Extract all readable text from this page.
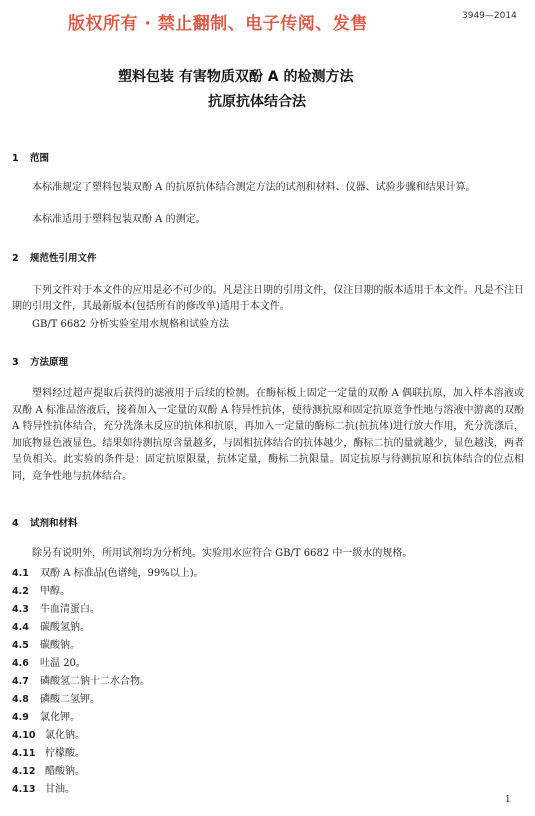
版权所有 · 禁止翻制、电子传阅、发售	3949—2014
塑料包装 有害物质双酚 A 的检测方法
抗原抗体结合法
1 范围
本标准规定了塑料包装双酚 A 的抗原抗体结合测定方法的试剂和材料、仪器、试验步骤和结果计算。
本标准适用于塑料包装双酚 A 的测定。
2 规范性引用文件
下列文件对于本文件的应用是必不可少的。凡是注日期的引用文件，仅注日期的版本适用于本文件。凡是不注日期的引用文件，其最新版本(包括所有的修改单)适用于本文件。
GB/T 6682 分析实验室用水规格和试验方法
3 方法原理
塑料经过超声提取后获得的滤液用于后续的检测。在酶标板上固定一定量的双酚 A 偶联抗原，加入样本溶液或双酚 A 标准品溶液后，接着加入一定量的双酚 A 特异性抗体，使待测抗原和固定抗原竞争性地与溶液中游离的双酚 A 特异性抗体结合，充分洗涤未反应的抗体和抗原，再加入一定量的酶标二抗(抗抗体)进行放大作用，充分洗涤后，加底物显色液显色。结果如待测抗原含量越多，与固相抗体结合的抗体越少，酶标二抗的量就越少，显色越浅，两者呈负相关。此实验的条件是：固定抗原限量，抗体定量，酶标二抗限量。固定抗原与待测抗原和抗体结合的位点相同，竞争性地与抗体结合。
4 试剂和材料
除另有说明外，所用试剂均为分析纯。实验用水应符合 GB/T 6682 中一级水的规格。
4.1 双酚 A 标准品(色谱纯，99%以上)。
4.2 甲醇。
4.3 牛血清蛋白。
4.4 碳酸氢钠。
4.5 碳酸钠。
4.6 吐温 20。
4.7 磷酸氢二钠十二水合物。
4.8 磷酸二氢钾。
4.9 氯化钾。
4.10 氯化钠。
4.11 柠檬酸。
4.12 醋酸钠。
4.13 甘油。
1
